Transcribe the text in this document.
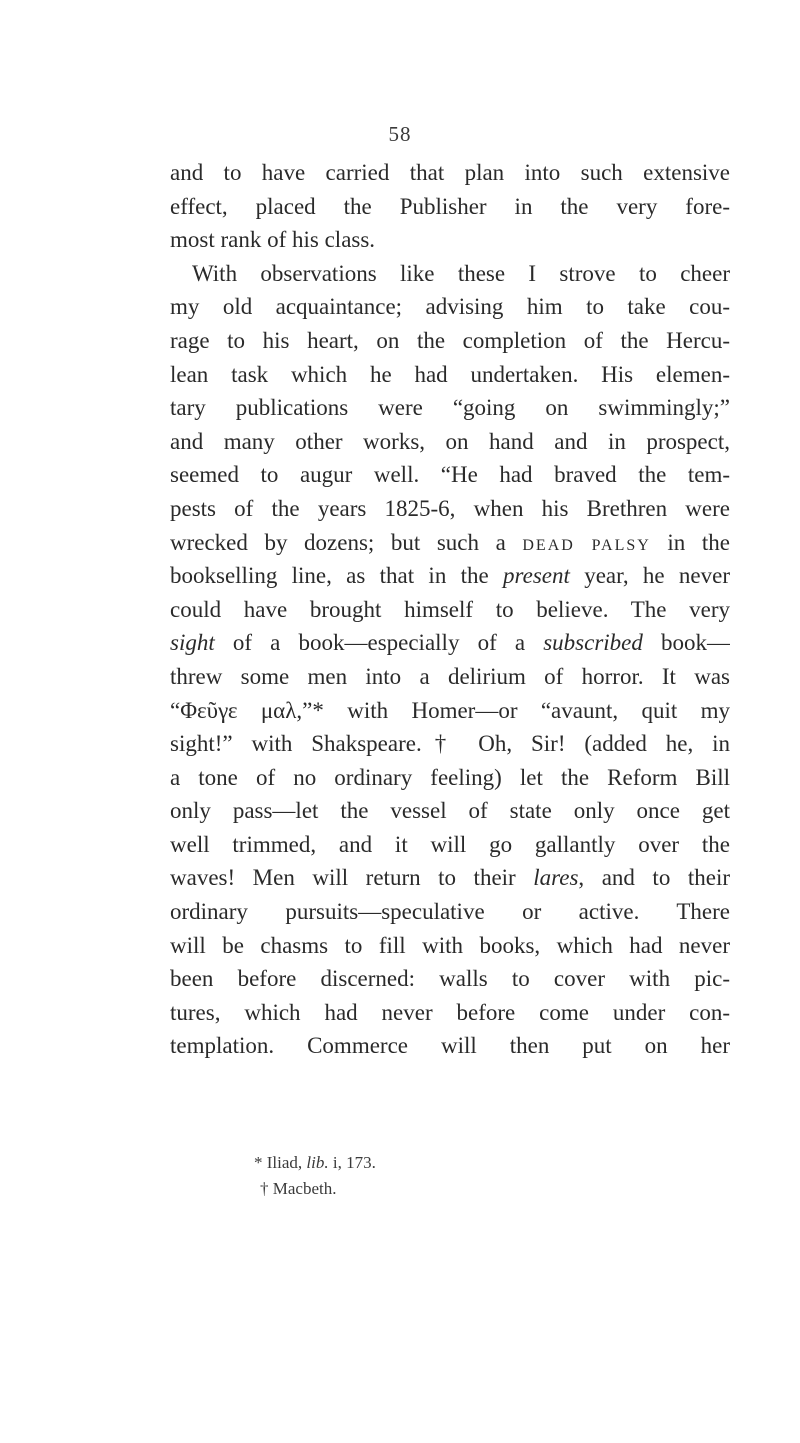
58
and to have carried that plan into such extensive
effect, placed the Publisher in the very fore-
most rank of his class.
With observations like these I strove to cheer
my old acquaintance; advising him to take cou-
rage to his heart, on the completion of the Hercu-
lean task which he had undertaken. His elemen-
tary publications were “going on swimmingly;”
and many other works, on hand and in prospect,
seemed to augur well. “He had braved the tem-
pests of the years 1825-6, when his Brethren were
wrecked by dozens; but such a DEAD PALSY in the
bookselling line, as that in the present year, he never
could have brought himself to believe. The very
sight of a book—especially of a subscribed book—
threw some men into a delirium of horror. It was
“Φεῦγε μαλ,”* with Homer—or “avaunt, quit my
sight!” with Shakspeare.† Oh, Sir! (added he, in
a tone of no ordinary feeling) let the Reform Bill
only pass—let the vessel of state only once get
well trimmed, and it will go gallantly over the
waves! Men will return to their lares, and to their
ordinary pursuits—speculative or active. There
will be chasms to fill with books, which had never
been before discerned: walls to cover with pic-
tures, which had never before come under con-
templation. Commerce will then put on her
* Iliad, lib. i, 173.
† Macbeth.
